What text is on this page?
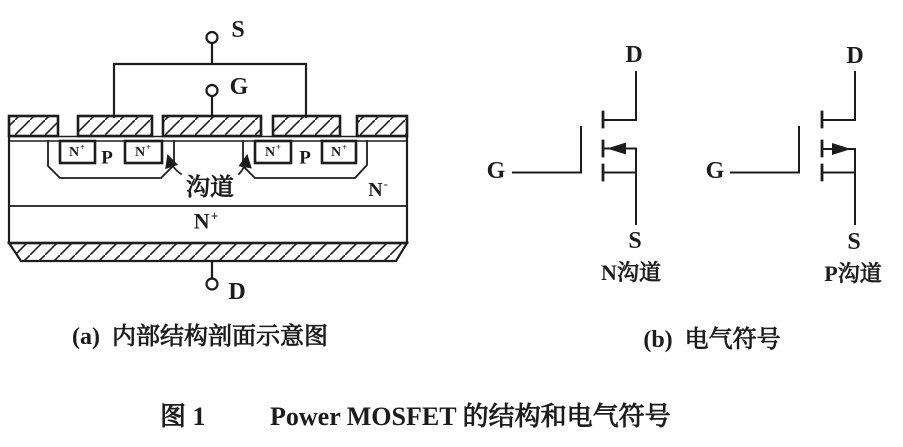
S
G
D
N+	N+	N+	N+
P	P
沟道	N-
N+
(a)  内部结构剖面示意图
D
G
S
N沟道
D
G
S
P沟道
(b)  电气符号
图 1 Power MOSFET 的结构和电气符号
